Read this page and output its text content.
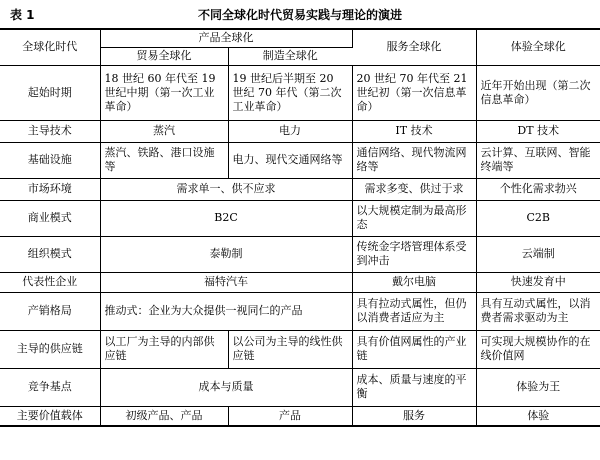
表 1	不同全球化时代贸易实践与理论的演进
全球化时代	产品全球化		服务全球化	体验全球化
	贸易全球化	制造全球化		
起始时期	18 世纪 60 年代至 19 世纪中期（第一次工业革命）	19 世纪后半期至 20 世纪 70 年代（第二次工业革命）	20 世纪 70 年代至 21 世纪初（第一次信息革命）	近年开始出现（第二次信息革命）
主导技术	蒸汽	电力	IT 技术	DT 技术
基础设施	蒸汽、铁路、港口设施等	电力、现代交通网络等	通信网络、现代物流网络等	云计算、互联网、智能终端等
市场环境	需求单一、供不应求		需求多变、供过于求	个性化需求勃兴
商业模式	B2C		以大规模定制为最高形态	C2B
组织模式	泰勒制		传统金字塔管理体系受到冲击	云端制
代表性企业	福特汽车		戴尔电脑	快速发育中
产销格局	推动式：企业为大众提供一视同仁的产品		具有拉动式属性，但仍以消费者适应为主	具有互动式属性，以消费者需求驱动为主
主导的供应链	以工厂为主导的内部供应链	以公司为主导的线性供应链	具有价值网属性的产业链	可实现大规模协作的在线价值网
竞争基点	成本与质量		成本、质量与速度的平衡	体验为王
主要价值载体	初级产品、产品	产品	服务	体验
